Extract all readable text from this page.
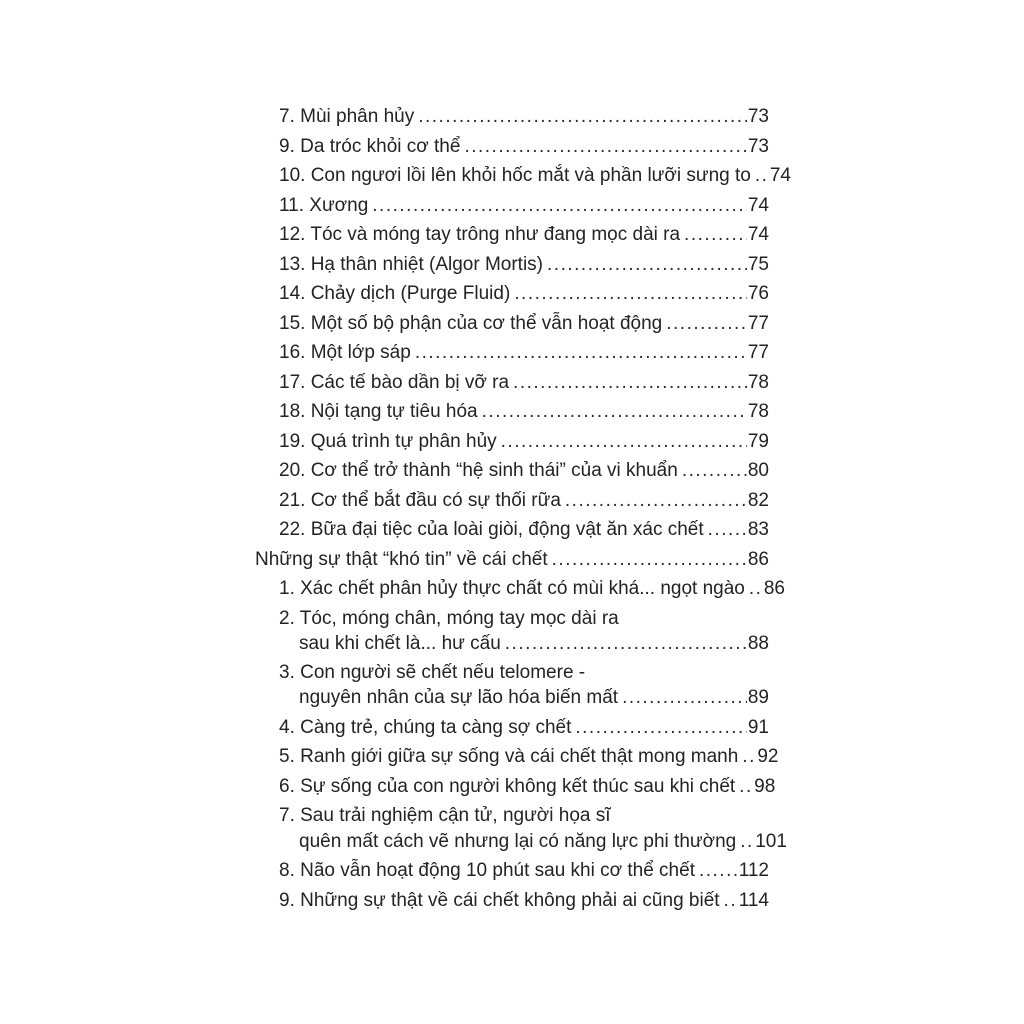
7. Mùi phân hủy .....	73
9. Da tróc khỏi cơ thể .....	73
10. Con ngươi lồi lên khỏi hốc mắt và phần lưỡi sưng to ..... 74
11. Xương .....	74
12. Tóc và móng tay trông như đang mọc dài ra .....	74
13. Hạ thân nhiệt (Algor Mortis) .....	75
14. Chảy dịch (Purge Fluid) .....	76
15. Một số bộ phận của cơ thể vẫn hoạt động .....	77
16. Một lớp sáp .....	77
17. Các tế bào dần bị vỡ ra .....	78
18. Nội tạng tự tiêu hóa .....	78
19. Quá trình tự phân hủy .....	79
20. Cơ thể trở thành “hệ sinh thái” của vi khuẩn .....	80
21. Cơ thể bắt đầu có sự thối rữa .....	82
22. Bữa đại tiệc của loài giòi, động vật ăn xác chết ..... 83
Những sự thật “khó tin” về cái chết .....	86
1. Xác chết phân hủy thực chất có mùi khá... ngọt ngào ..... 86
2. Tóc, móng chân, móng tay mọc dài ra
sau khi chết là... hư cấu .....	88
3. Con người sẽ chết nếu telomere -
nguyên nhân của sự lão hóa biến mất .....	89
4. Càng trẻ, chúng ta càng sợ chết .....	91
5. Ranh giới giữa sự sống và cái chết thật mong manh ..... 92
6. Sự sống của con người không kết thúc sau khi chết ..... 98
7. Sau trải nghiệm cận tử, người họa sĩ
quên mất cách vẽ nhưng lại có năng lực phi thường ..... 101
8. Não vẫn hoạt động 10 phút sau khi cơ thể chết ..... 112
9. Những sự thật về cái chết không phải ai cũng biết ..... 114
